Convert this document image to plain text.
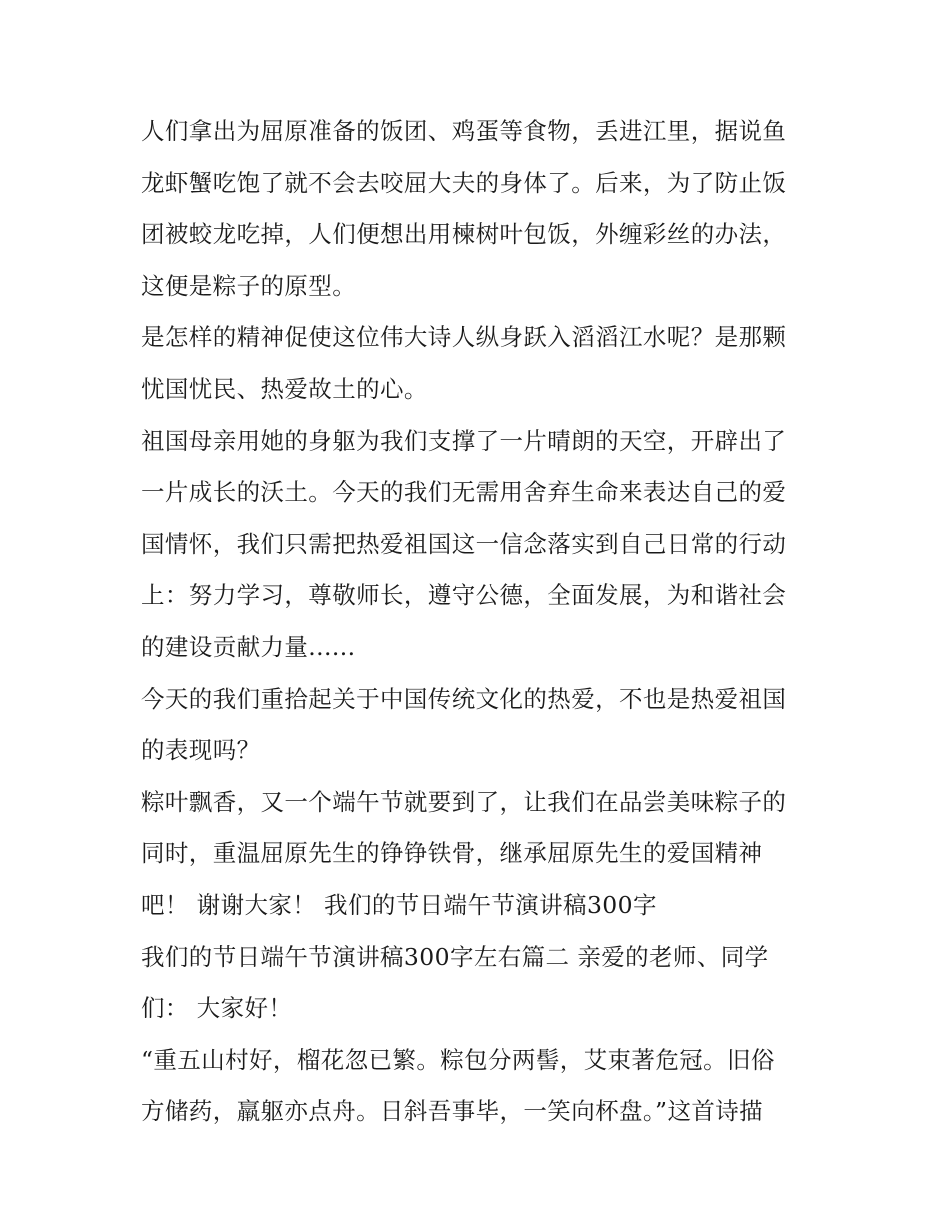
人们拿出为屈原准备的饭团、鸡蛋等食物，丢进江里，据说鱼
龙虾蟹吃饱了就不会去咬屈大夫的身体了。后来，为了防止饭
团被蛟龙吃掉，人们便想出用楝树叶包饭，外缠彩丝的办法，
这便是粽子的原型。
是怎样的精神促使这位伟大诗人纵身跃入滔滔江水呢？是那颗
忧国忧民、热爱故土的心。
祖国母亲用她的身躯为我们支撑了一片晴朗的天空，开辟出了
一片成长的沃土。今天的我们无需用舍弃生命来表达自己的爱
国情怀，我们只需把热爱祖国这一信念落实到自己日常的行动
上：努力学习，尊敬师长，遵守公德，全面发展，为和谐社会
的建设贡献力量......
今天的我们重拾起关于中国传统文化的热爱，不也是热爱祖国
的表现吗？
粽叶飘香，又一个端午节就要到了，让我们在品尝美味粽子的
同时，重温屈原先生的铮铮铁骨，继承屈原先生的爱国精神
吧！ 谢谢大家！ 我们的节日端午节演讲稿300字
我们的节日端午节演讲稿300字左右篇二 亲爱的老师、同学
们： 大家好！
“重五山村好，榴花忽已繁。粽包分两髻，艾束著危冠。旧俗
方储药，羸躯亦点舟。日斜吾事毕，一笑向杯盘。”这首诗描
